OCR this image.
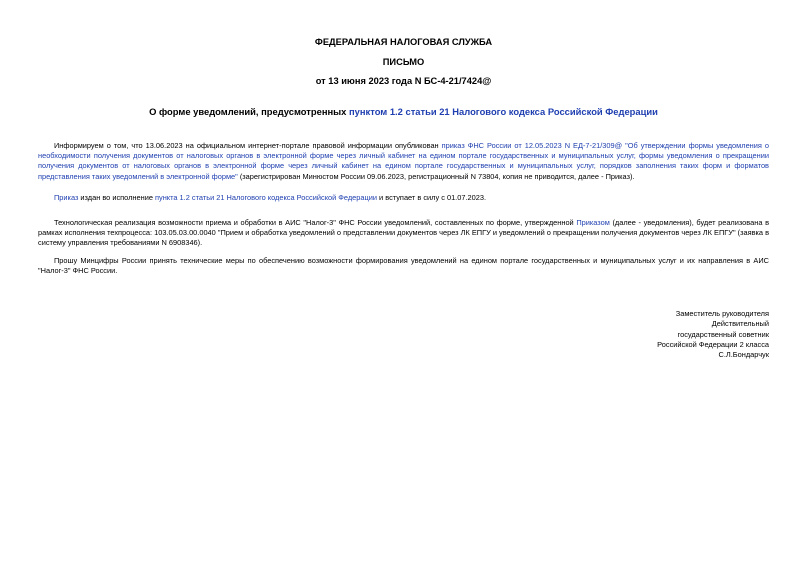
ФЕДЕРАЛЬНАЯ НАЛОГОВАЯ СЛУЖБА
ПИСЬМО
от 13 июня 2023 года N БС-4-21/7424@
О форме уведомлений, предусмотренных пунктом 1.2 статьи 21 Налогового кодекса Российской Федерации
Информируем о том, что 13.06.2023 на официальном интернет-портале правовой информации опубликован приказ ФНС России от 12.05.2023 N ЕД-7-21/309@ "Об утверждении формы уведомления о необходимости получения документов от налоговых органов в электронной форме через личный кабинет на едином портале государственных и муниципальных услуг, формы уведомления о прекращении получения документов от налоговых органов в электронной форме через личный кабинет на едином портале государственных и муниципальных услуг, порядков заполнения таких форм и форматов представления таких уведомлений в электронной форме" (зарегистрирован Минюстом России 09.06.2023, регистрационный N 73804, копия не приводится, далее - Приказ).
Приказ издан во исполнение пункта 1.2 статьи 21 Налогового кодекса Российской Федерации и вступает в силу с 01.07.2023.
Технологическая реализация возможности приема и обработки в АИС "Налог-3" ФНС России уведомлений, составленных по форме, утвержденной Приказом (далее - уведомления), будет реализована в рамках исполнения техпроцесса: 103.05.03.00.0040 "Прием и обработка уведомлений о представлении документов через ЛК ЕПГУ и уведомлений о прекращении получения документов через ЛК ЕПГУ" (заявка в систему управления требованиями N 6908346).
Прошу Минцифры России принять технические меры по обеспечению возможности формирования уведомлений на едином портале государственных и муниципальных услуг и их направления в АИС "Налог-3" ФНС России.
Заместитель руководителя
Действительный
государственный советник
Российской Федерации 2 класса
С.Л.Бондарчук
